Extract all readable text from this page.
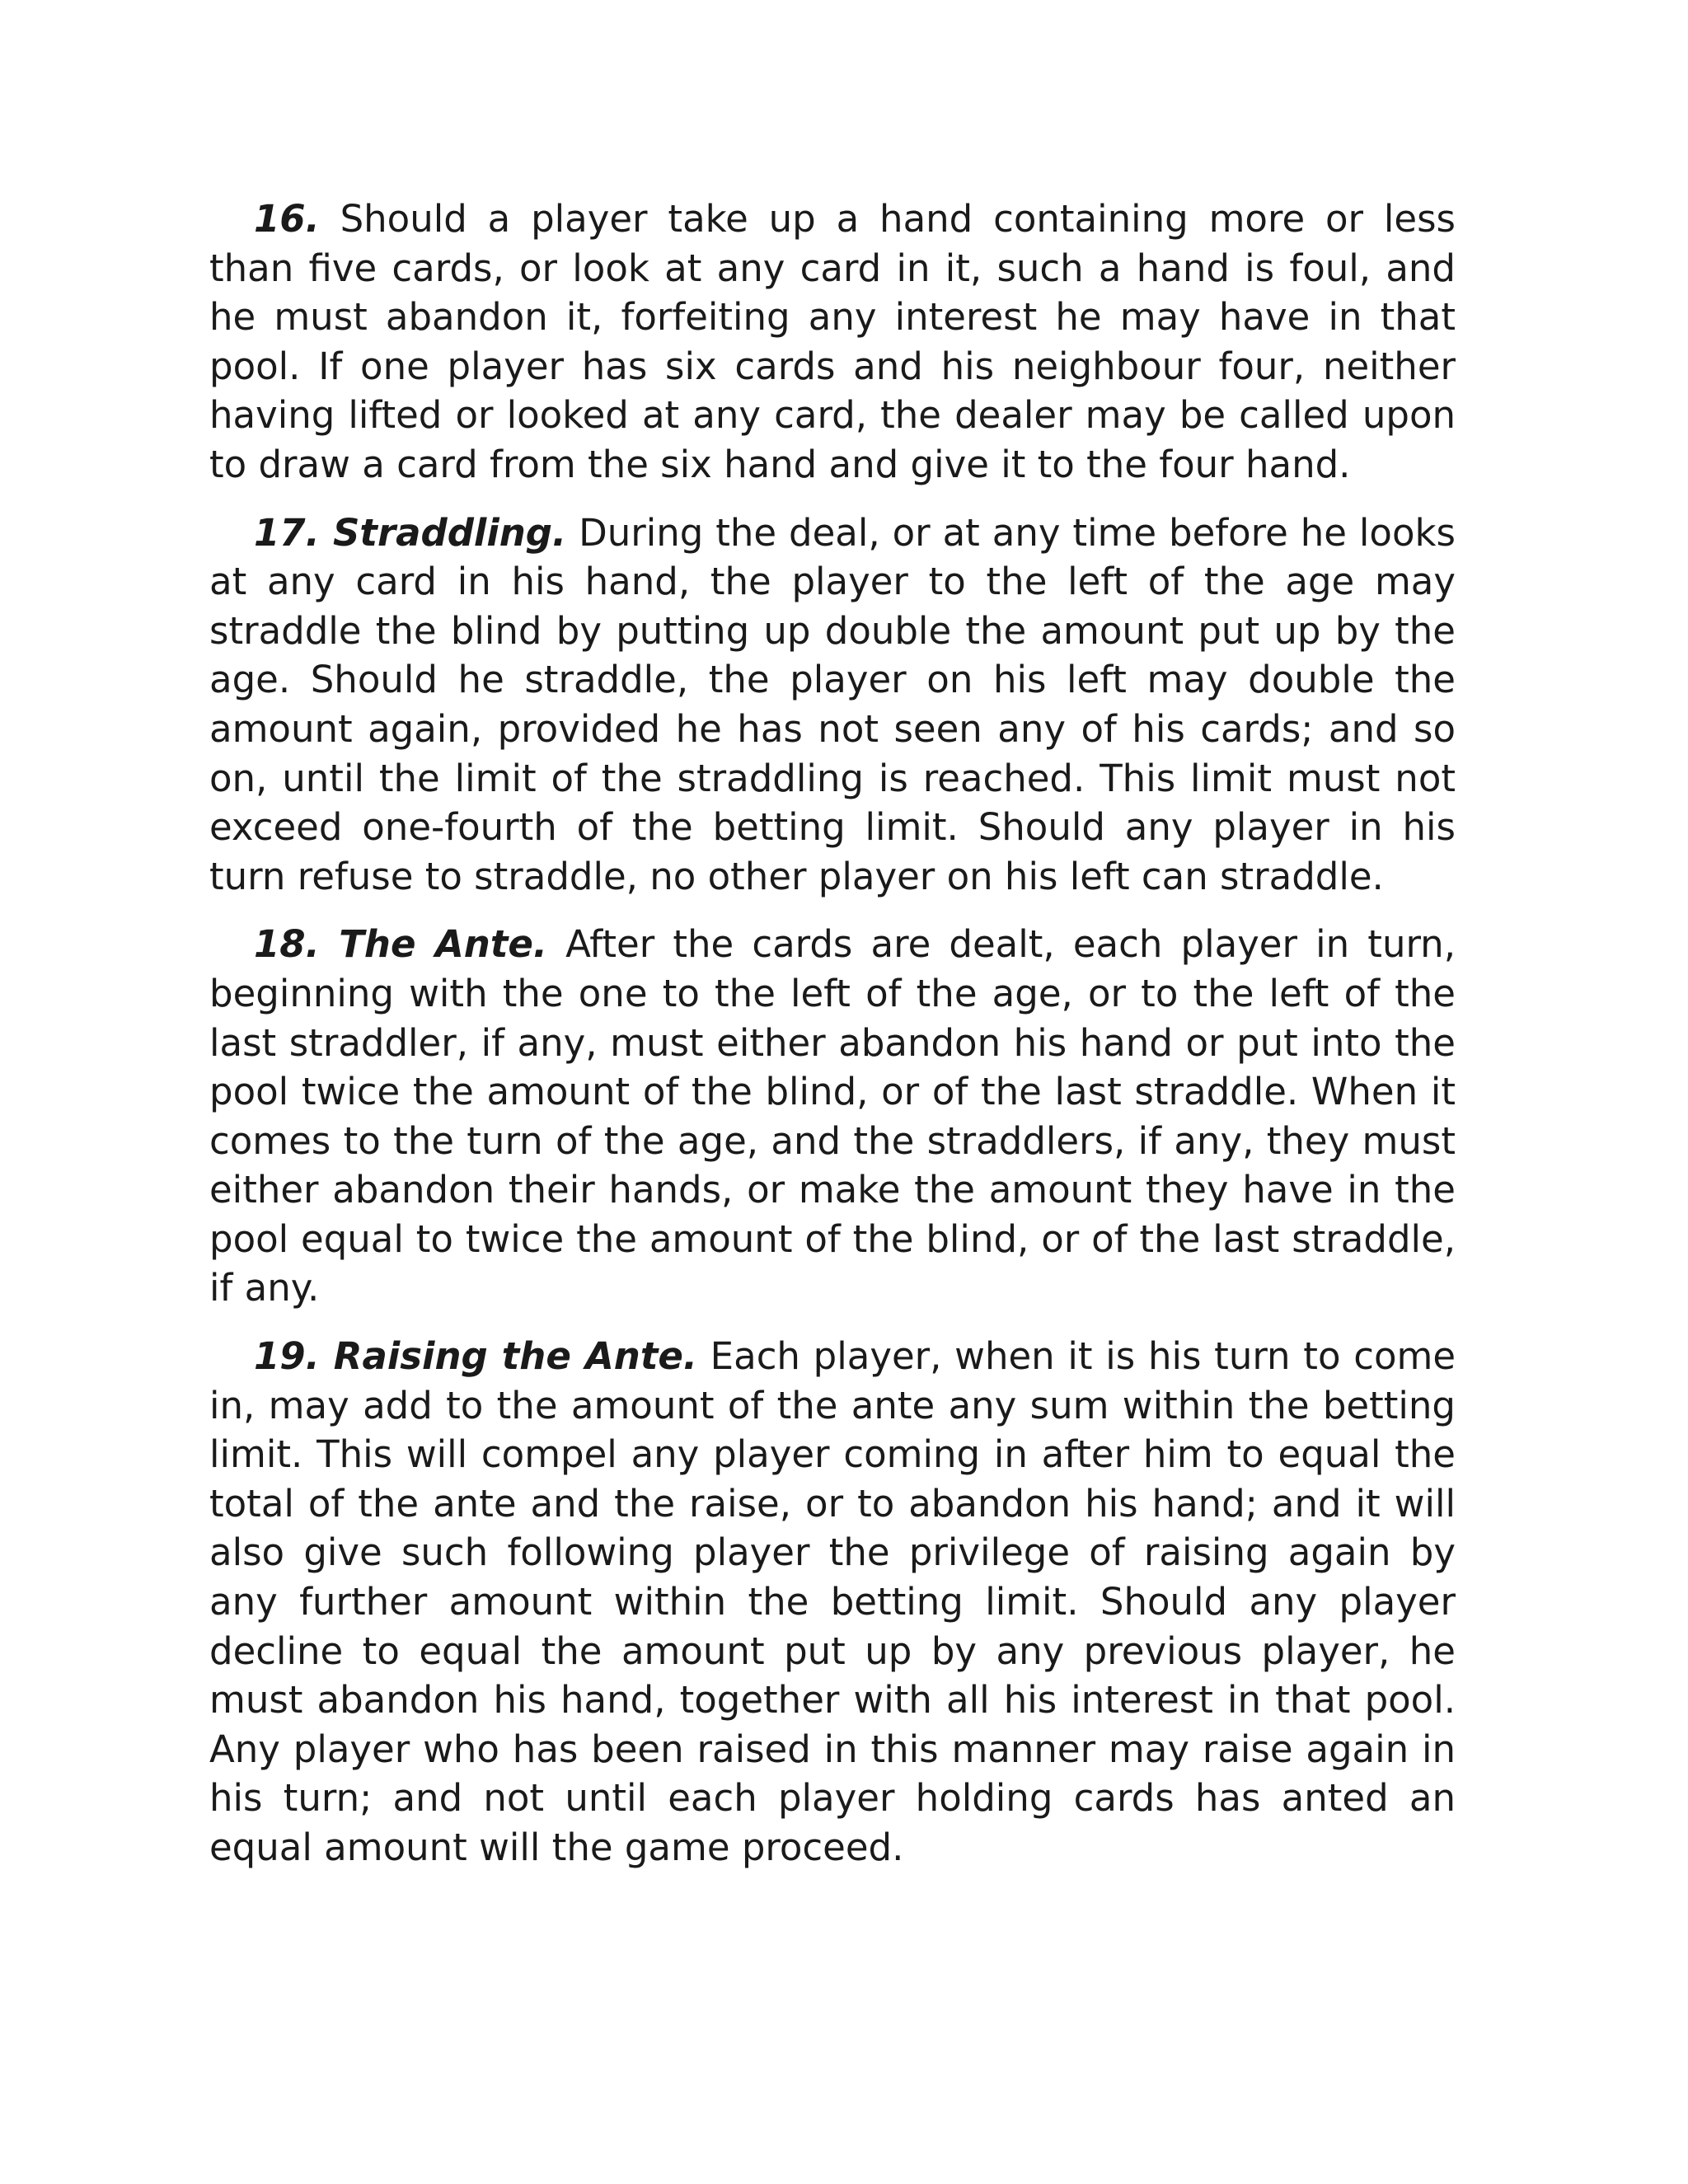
16. Should a player take up a hand containing more or less than five cards, or look at any card in it, such a hand is foul, and he must abandon it, forfeiting any interest he may have in that pool. If one player has six cards and his neighbour four, neither having lifted or looked at any card, the dealer may be called upon to draw a card from the six hand and give it to the four hand.

17. Straddling. During the deal, or at any time before he looks at any card in his hand, the player to the left of the age may straddle the blind by putting up double the amount put up by the age. Should he straddle, the player on his left may double the amount again, provided he has not seen any of his cards; and so on, until the limit of the straddling is reached. This limit must not exceed one-fourth of the betting limit. Should any player in his turn refuse to straddle, no other player on his left can straddle.

18. The Ante. After the cards are dealt, each player in turn, beginning with the one to the left of the age, or to the left of the last straddler, if any, must either abandon his hand or put into the pool twice the amount of the blind, or of the last straddle. When it comes to the turn of the age, and the straddlers, if any, they must either abandon their hands, or make the amount they have in the pool equal to twice the amount of the blind, or of the last straddle, if any.

19. Raising the Ante. Each player, when it is his turn to come in, may add to the amount of the ante any sum within the betting limit. This will compel any player coming in after him to equal the total of the ante and the raise, or to abandon his hand; and it will also give such following player the privilege of raising again by any further amount within the betting limit. Should any player decline to equal the amount put up by any previous player, he must abandon his hand, together with all his interest in that pool. Any player who has been raised in this manner may raise again in his turn; and not until each player holding cards has anted an equal amount will the game proceed.
